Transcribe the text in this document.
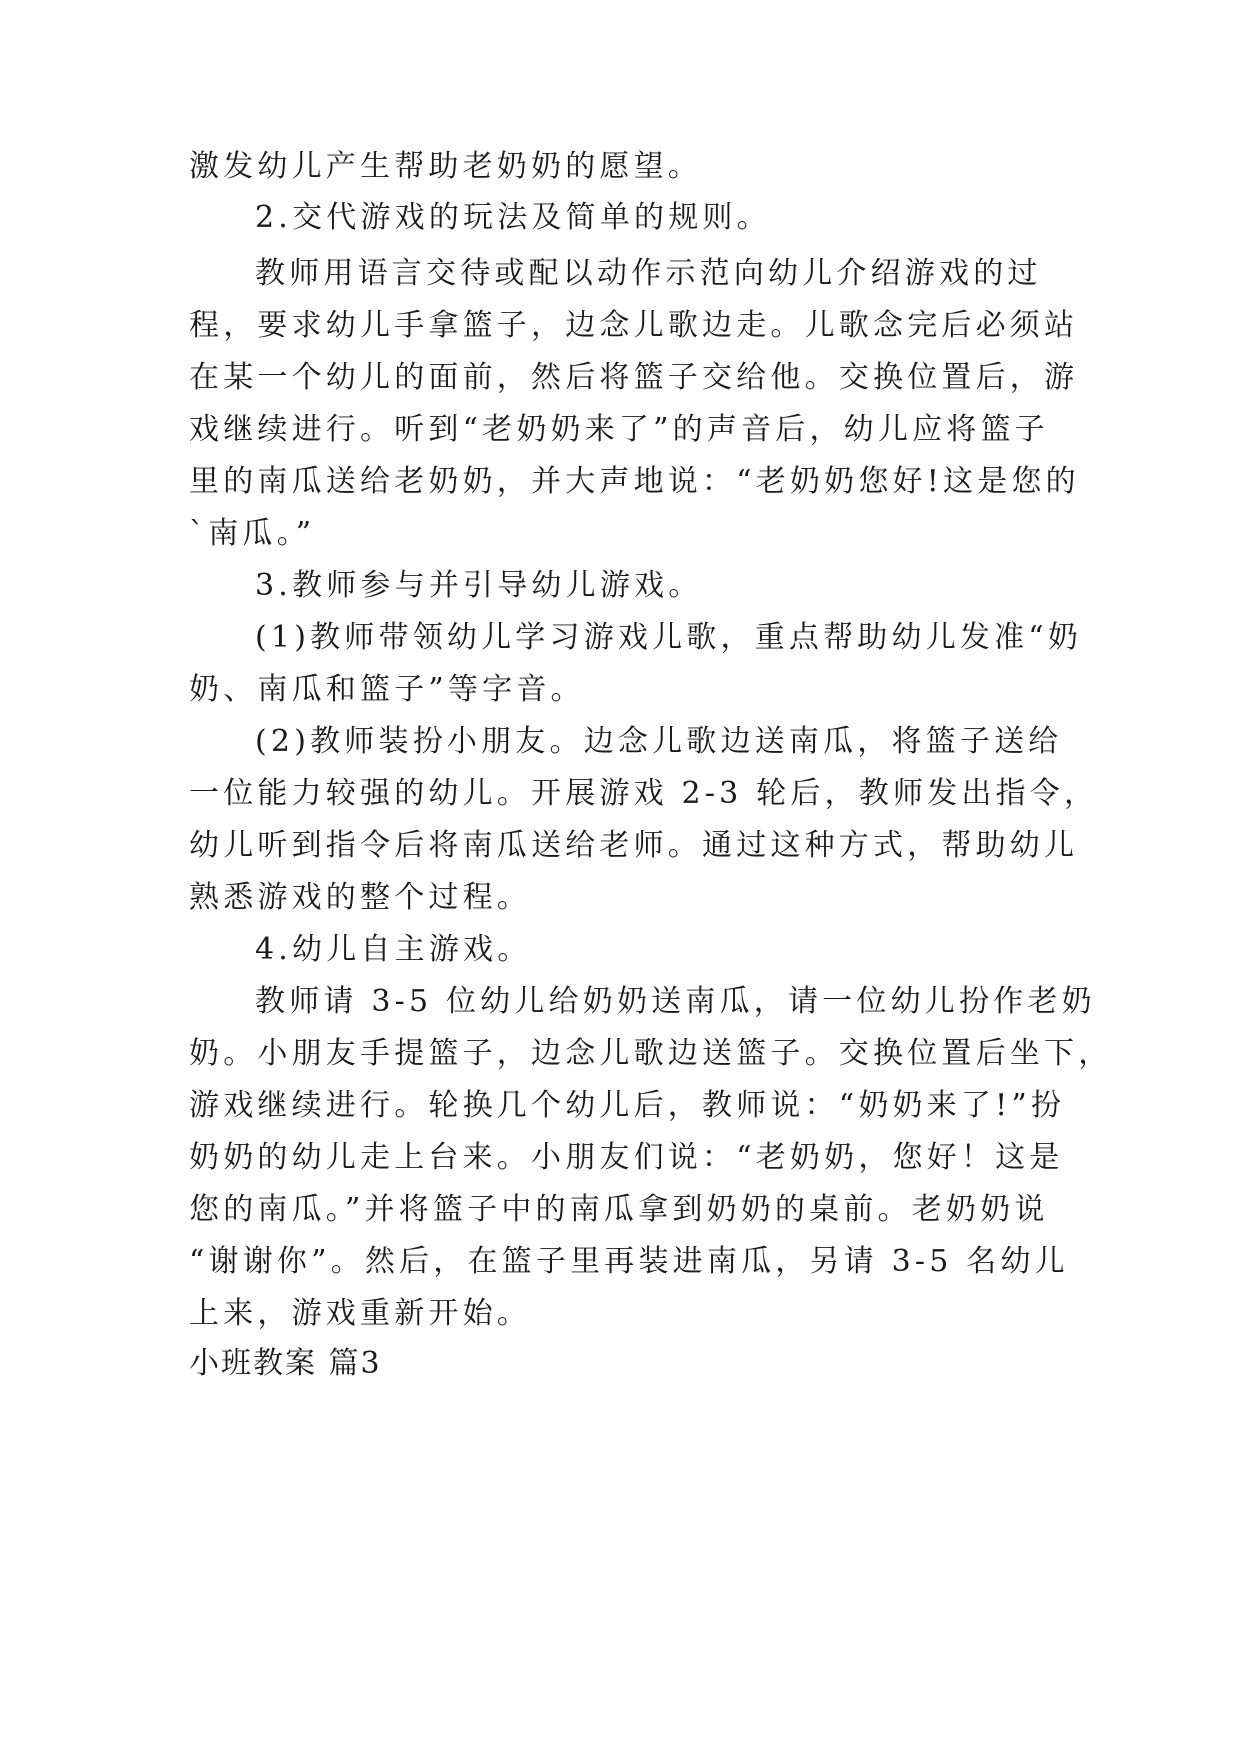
激发幼儿产生帮助老奶奶的愿望。
2.交代游戏的玩法及简单的规则。
教师用语言交待或配以动作示范向幼儿介绍游戏的过
程，要求幼儿手拿篮子，边念儿歌边走。儿歌念完后必须站
在某一个幼儿的面前，然后将篮子交给他。交换位置后，游
戏继续进行。听到“老奶奶来了”的声音后，幼儿应将篮子
里的南瓜送给老奶奶，并大声地说：“老奶奶您好!这是您的
`南瓜。”
3.教师参与并引导幼儿游戏。
(1)教师带领幼儿学习游戏儿歌，重点帮助幼儿发准“奶
奶、南瓜和篮子”等字音。
(2)教师装扮小朋友。边念儿歌边送南瓜，将篮子送给
一位能力较强的幼儿。开展游戏 2-3 轮后，教师发出指令，
幼儿听到指令后将南瓜送给老师。通过这种方式，帮助幼儿
熟悉游戏的整个过程。
4.幼儿自主游戏。
教师请 3-5 位幼儿给奶奶送南瓜，请一位幼儿扮作老奶
奶。小朋友手提篮子，边念儿歌边送篮子。交换位置后坐下，
游戏继续进行。轮换几个幼儿后，教师说：“奶奶来了!”扮
奶奶的幼儿走上台来。小朋友们说：“老奶奶，您好！这是
您的南瓜。”并将篮子中的南瓜拿到奶奶的桌前。老奶奶说
“谢谢你”。然后，在篮子里再装进南瓜，另请 3-5 名幼儿
上来，游戏重新开始。
小班教案 篇3
